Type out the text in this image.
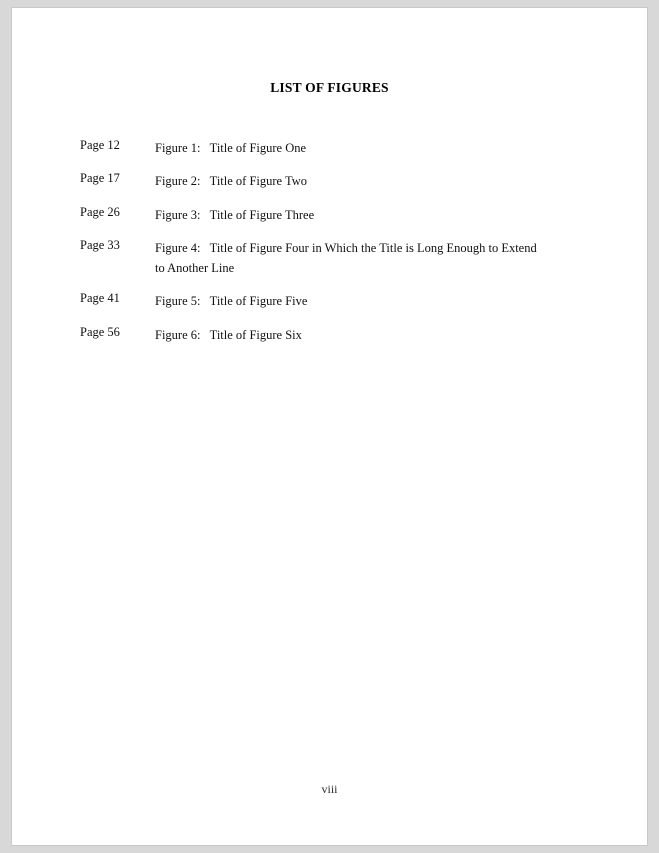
LIST OF FIGURES
Page 12	Figure 1: Title of Figure One
Page 17	Figure 2: Title of Figure Two
Page 26	Figure 3: Title of Figure Three
Page 33	Figure 4: Title of Figure Four in Which the Title is Long Enough to Extend to Another Line
Page 41	Figure 5: Title of Figure Five
Page 56	Figure 6: Title of Figure Six
viii
